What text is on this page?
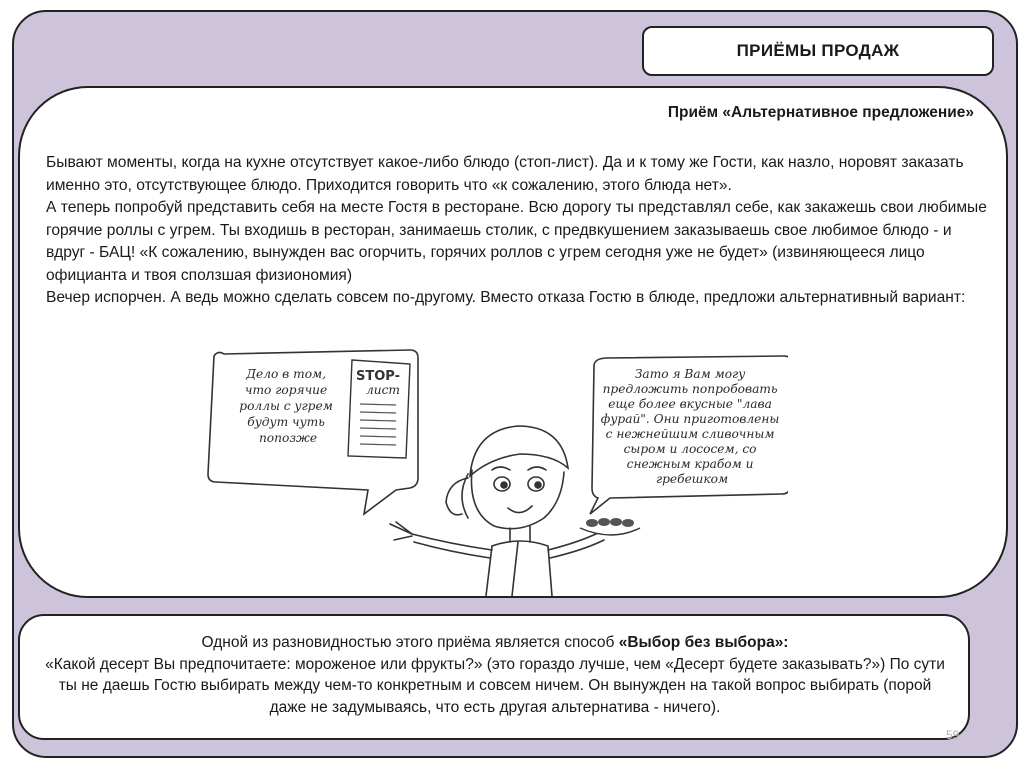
ПРИЁМЫ ПРОДАЖ
Приём «Альтернативное предложение»

Бывают моменты, когда на кухне отсутствует какое-либо блюдо (стоп-лист). Да и к тому же Гости, как назло, норовят заказать именно это, отсутствующее блюдо. Приходится говорить что «к сожалению, этого блюда нет».

А теперь попробуй представить себя на месте Гостя в ресторане. Всю дорогу ты представлял себе, как закажешь свои любимые горячие роллы с угрем. Ты входишь в ресторан, занимаешь столик, с предвкушением заказываешь свое любимое блюдо - и вдруг - БАЦ! «К сожалению, вынужден вас огорчить, горячих роллов с угрем сегодня уже не будет» (извиняющееся лицо официанта и твоя сползшая физиономия)

Вечер испорчен. А ведь можно сделать совсем по-другому. Вместо отказа Гостю в блюде, предложи альтернативный вариант:

Дело в том, что горячие роллы с угрем будут чуть попозже
STOP-
лист
Зато я Вам могу предложить попробовать еще более вкусные "лава фурай". Они приготовлены с нежнейшим сливочным сыром и лососем, со снежным крабом и гребешком

Одной из разновидностью этого приёма является способ «Выбор без выбора»:

«Какой десерт Вы предпочитаете: мороженое или фрукты?» (это гораздо лучше, чем «Десерт будете заказывать?») По сути ты не даешь Гостю выбирать между чем-то конкретным и совсем ничем. Он вынужден на такой вопрос выбирать (порой даже не задумываясь, что есть другая альтернатива - ничего).

59
